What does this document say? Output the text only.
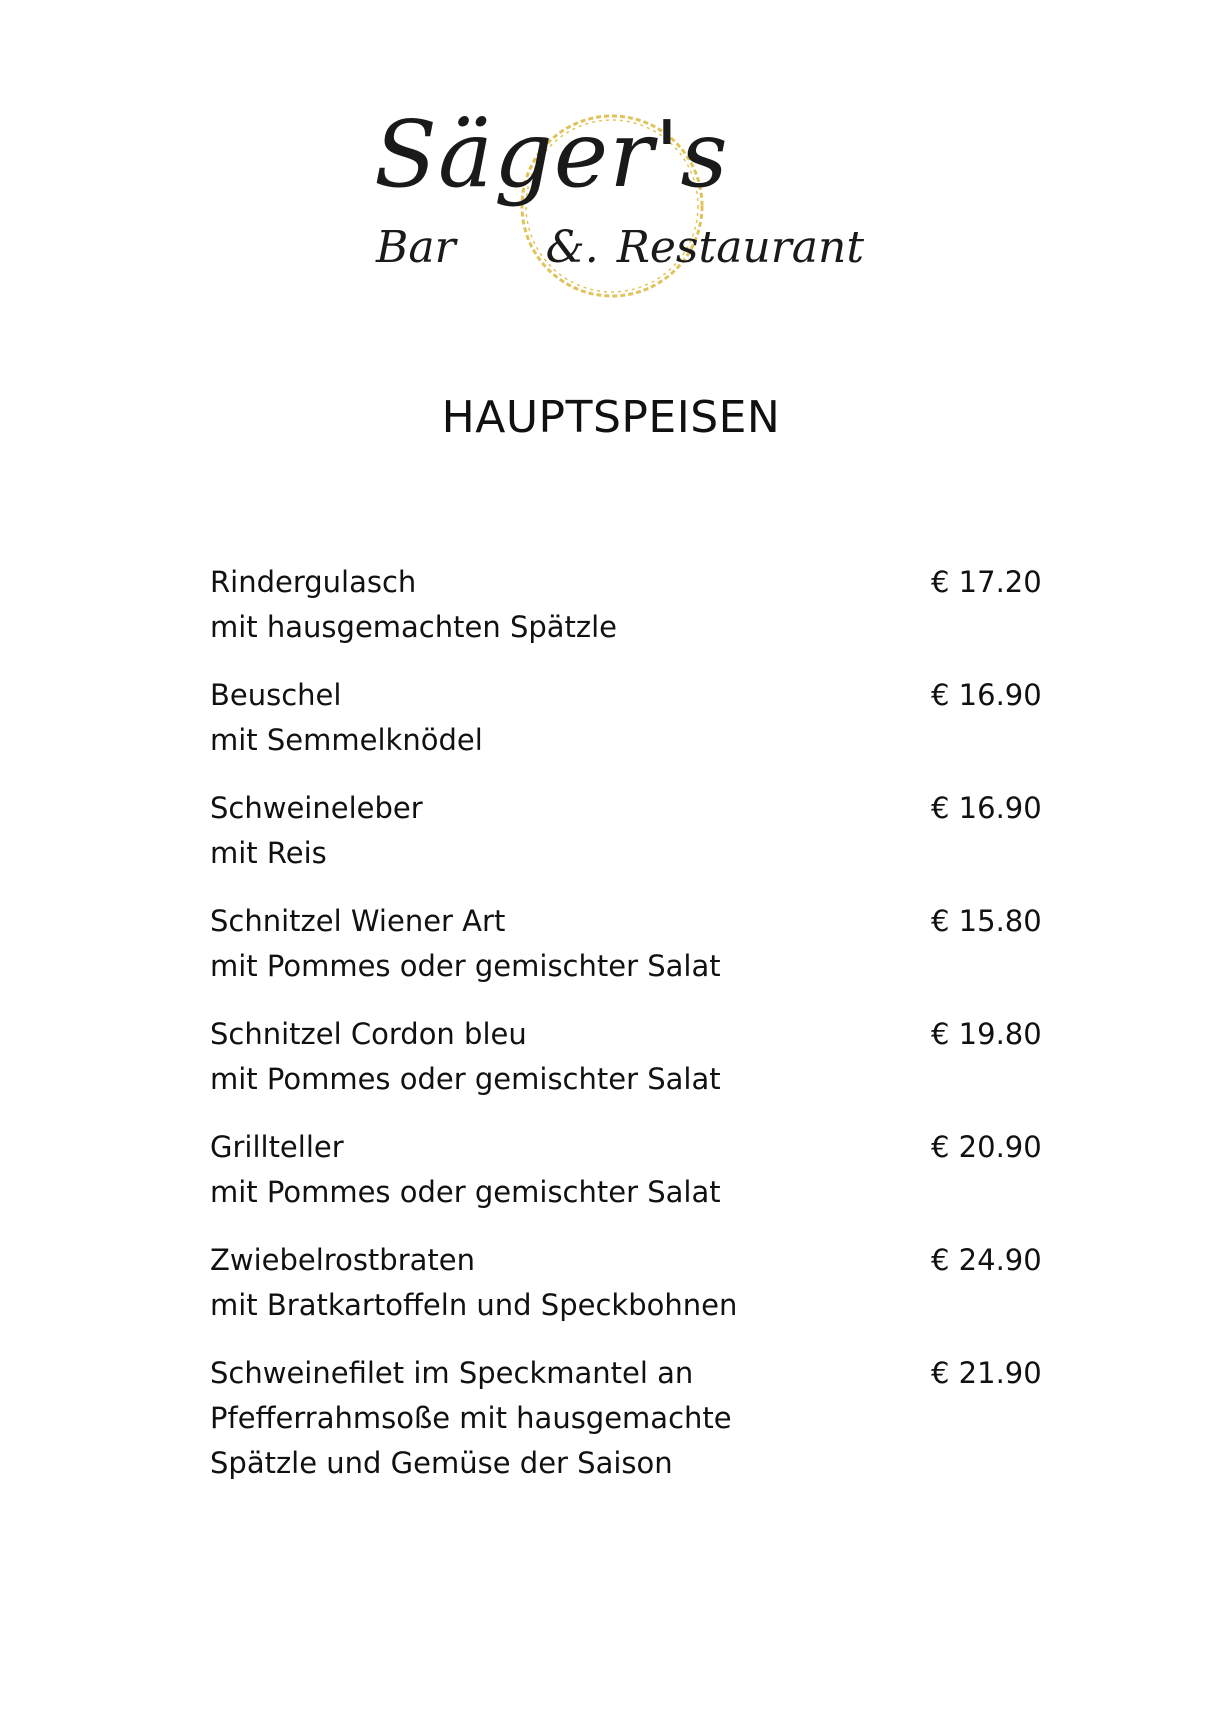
Säger's
Bar &. Restaurant
HAUPTSPEISEN
Rindergulasch
mit hausgemachten Spätzle
€ 17.20
Beuschel
mit Semmelknödel
€ 16.90
Schweineleber
mit Reis
€ 16.90
Schnitzel Wiener Art
mit Pommes oder gemischter Salat
€ 15.80
Schnitzel Cordon bleu
mit Pommes oder gemischter Salat
€ 19.80
Grillteller
mit Pommes oder gemischter Salat
€ 20.90
Zwiebelrostbraten
mit Bratkartoffeln und Speckbohnen
€ 24.90
Schweinefilet im Speckmantel an
Pfefferrahmsoße mit hausgemachte
Spätzle und Gemüse der Saison
€ 21.90
